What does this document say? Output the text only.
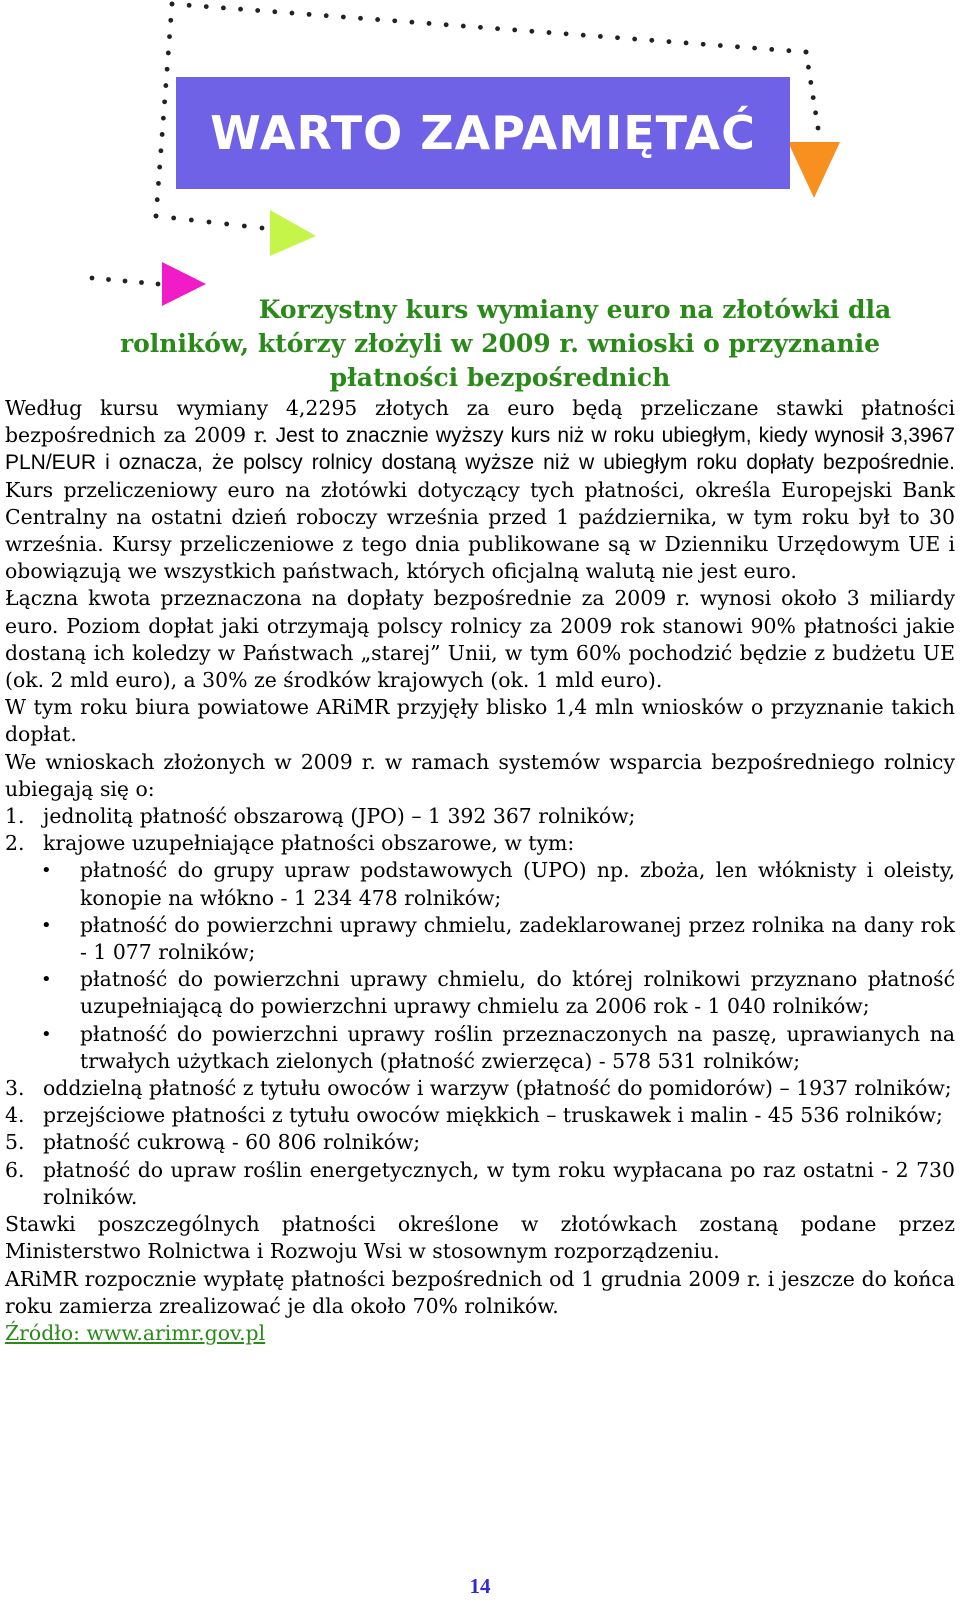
WARTO ZAPAMIĘTAĆ
Korzystny kurs wymiany euro na złotówki dla rolników, którzy złożyli w 2009 r. wnioski o przyznanie płatności bezpośrednich

Według kursu wymiany 4,2295 złotych za euro będą przeliczane stawki płatności bezpośrednich za 2009 r. Jest to znacznie wyższy kurs niż w roku ubiegłym, kiedy wynosił 3,3967 PLN/EUR i oznacza, że polscy rolnicy dostaną wyższe niż w ubiegłym roku dopłaty bezpośrednie. Kurs przeliczeniowy euro na złotówki dotyczący tych płatności, określa Europejski Bank Centralny na ostatni dzień roboczy września przed 1 października, w tym roku był to 30 września. Kursy przeliczeniowe z tego dnia publikowane są w Dzienniku Urzędowym UE i obowiązują we wszystkich państwach, których oficjalną walutą nie jest euro.

Łączna kwota przeznaczona na dopłaty bezpośrednie za 2009 r. wynosi około 3 miliardy euro. Poziom dopłat jaki otrzymają polscy rolnicy za 2009 rok stanowi 90% płatności jakie dostaną ich koledzy w Państwach „starej” Unii, w tym 60% pochodzić będzie z budżetu UE (ok. 2 mld euro), a 30% ze środków krajowych (ok. 1 mld euro).

W tym roku biura powiatowe ARiMR przyjęły blisko 1,4 mln wniosków o przyznanie takich dopłat.

We wnioskach złożonych w 2009 r. w ramach systemów wsparcia bezpośredniego rolnicy ubiegają się o:

1. jednolitą płatność obszarową (JPO) – 1 392 367 rolników;
2. krajowe uzupełniające płatności obszarowe, w tym:
• płatność do grupy upraw podstawowych (UPO) np. zboża, len włóknisty i oleisty, konopie na włókno - 1 234 478 rolników;
• płatność do powierzchni uprawy chmielu, zadeklarowanej przez rolnika na dany rok - 1 077 rolników;
• płatność do powierzchni uprawy chmielu, do której rolnikowi przyznano płatność uzupełniającą do powierzchni uprawy chmielu za 2006 rok - 1 040 rolników;
• płatność do powierzchni uprawy roślin przeznaczonych na paszę, uprawianych na trwałych użytkach zielonych (płatność zwierzęca) - 578 531 rolników;
3. oddzielną płatność z tytułu owoców i warzyw (płatność do pomidorów) – 1937 rolników;
4. przejściowe płatności z tytułu owoców miękkich – truskawek i malin - 45 536 rolników;
5. płatność cukrową - 60 806 rolników;
6. płatność do upraw roślin energetycznych, w tym roku wypłacana po raz ostatni - 2 730 rolników.

Stawki poszczególnych płatności określone w złotówkach zostaną podane przez Ministerstwo Rolnictwa i Rozwoju Wsi w stosownym rozporządzeniu.

ARiMR rozpocznie wypłatę płatności bezpośrednich od 1 grudnia 2009 r. i jeszcze do końca roku zamierza zrealizować je dla około 70% rolników.

Źródło: www.arimr.gov.pl

14
